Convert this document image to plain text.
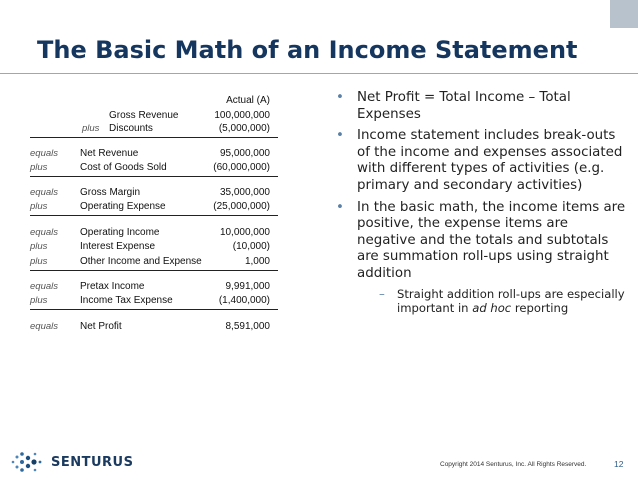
The Basic Math of an Income Statement
Actual (A)
Gross Revenue	100,000,000
plus Discounts	(5,000,000)
equals Net Revenue	95,000,000
plus	Cost of Goods Sold	(60,000,000)
equals Gross Margin	35,000,000
plus	Operating Expense	(25,000,000)
equals Operating Income	10,000,000
plus	Interest Expense	(10,000)
plus	Other Income and Expense	1,000
equals Pretax Income	9,991,000
plus	Income Tax Expense	(1,400,000)
equals Net Profit	8,591,000
• Net Profit = Total Income – Total Expenses
• Income statement includes break-outs of the income and expenses associated with different types of activities (e.g. primary and secondary activities)
• In the basic math, the income items are positive, the expense items are negative and the totals and subtotals are summation roll-ups using straight addition
– Straight addition roll-ups are especially important in ad hoc reporting
SENTURUS	Copyright 2014 Senturus, Inc. All Rights Reserved.	12
